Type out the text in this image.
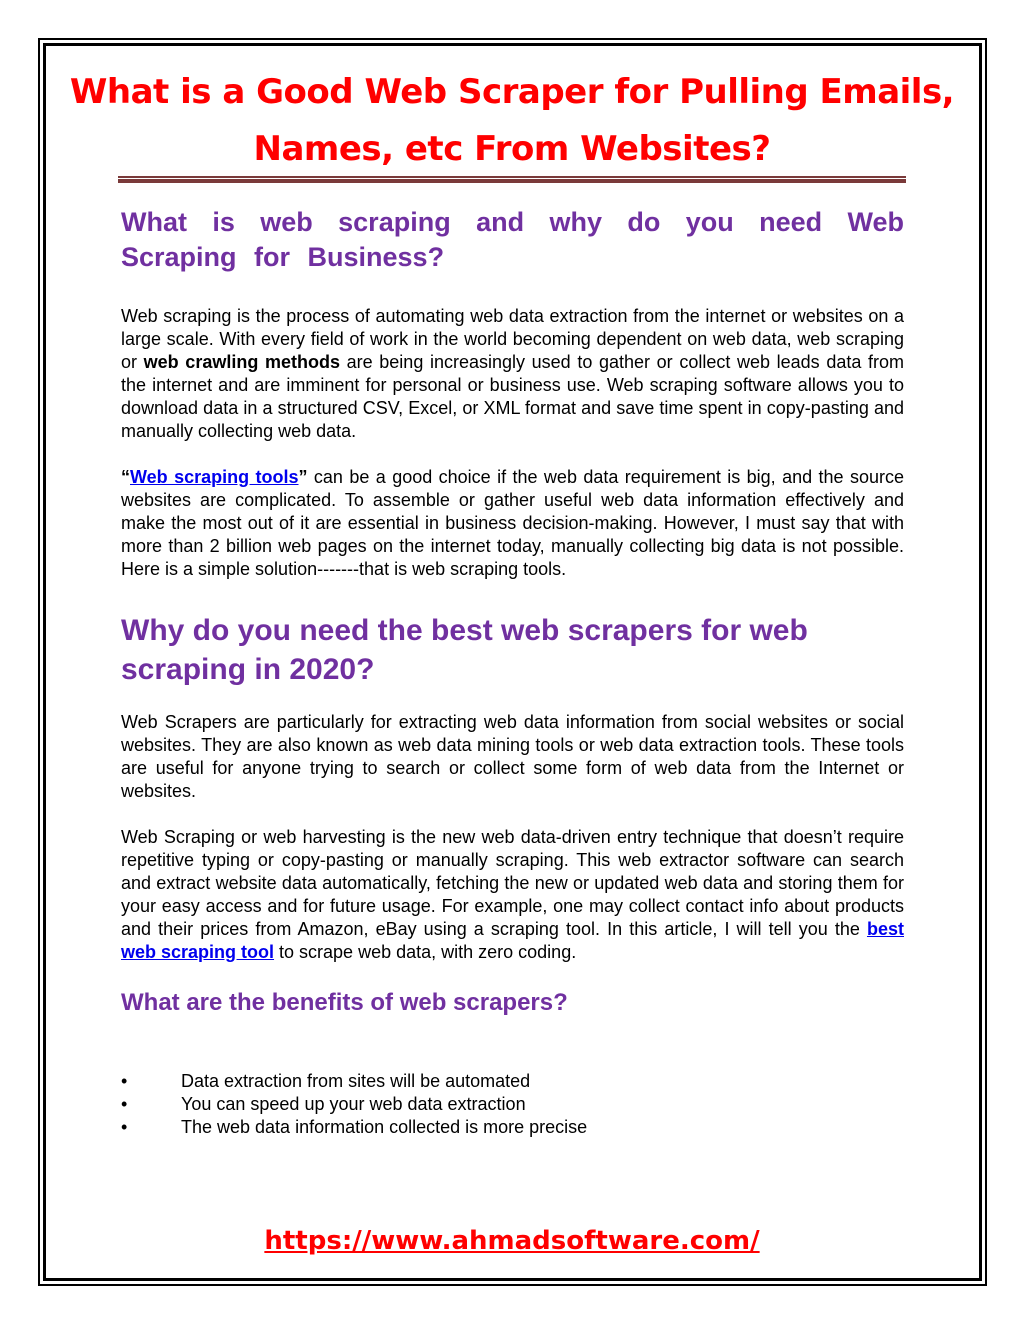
What is a Good Web Scraper for Pulling Emails, Names, etc From Websites?
What is web scraping and why do you need Web Scraping for Business?

Web scraping is the process of automating web data extraction from the internet or websites on a large scale. With every field of work in the world becoming dependent on web data, web scraping or web crawling methods are being increasingly used to gather or collect web leads data from the internet and are imminent for personal or business use. Web scraping software allows you to download data in a structured CSV, Excel, or XML format and save time spent in copy-pasting and manually collecting web data.

“Web scraping tools” can be a good choice if the web data requirement is big, and the source websites are complicated. To assemble or gather useful web data information effectively and make the most out of it are essential in business decision-making. However, I must say that with more than 2 billion web pages on the internet today, manually collecting big data is not possible. Here is a simple solution-------that is web scraping tools.

Why do you need the best web scrapers for web scraping in 2020?

Web Scrapers are particularly for extracting web data information from social websites or social websites. They are also known as web data mining tools or web data extraction tools. These tools are useful for anyone trying to search or collect some form of web data from the Internet or websites.

Web Scraping or web harvesting is the new web data-driven entry technique that doesn’t require repetitive typing or copy-pasting or manually scraping. This web extractor software can search and extract website data automatically, fetching the new or updated web data and storing them for your easy access and for future usage. For example, one may collect contact info about products and their prices from Amazon, eBay using a scraping tool. In this article, I will tell you the best web scraping tool to scrape web data, with zero coding.

What are the benefits of web scrapers?
•	Data extraction from sites will be automated
•	You can speed up your web data extraction
•	The web data information collected is more precise
https://www.ahmadsoftware.com/
